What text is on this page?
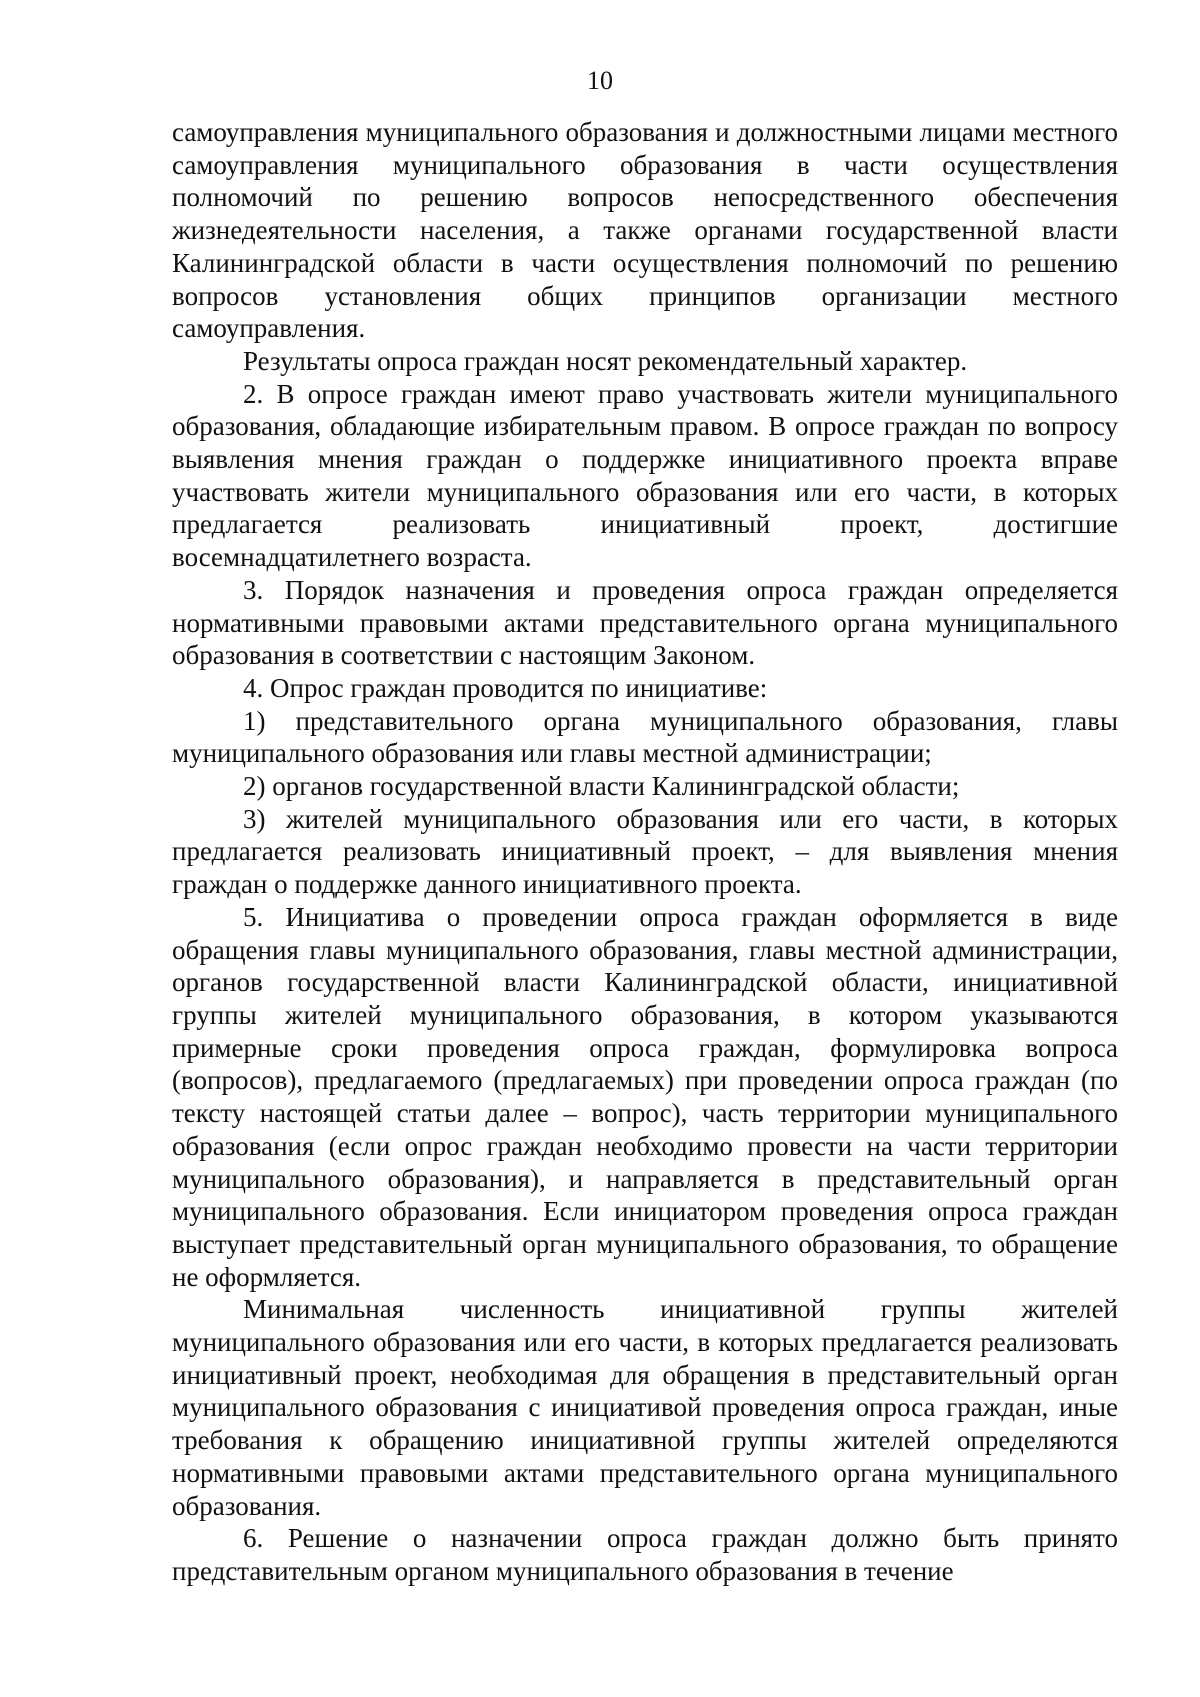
10

самоуправления муниципального образования и должностными лицами местного самоуправления муниципального образования в части осуществления полномочий по решению вопросов непосредственного обеспечения жизнедеятельности населения, а также органами государственной власти Калининградской области в части осуществления полномочий по решению вопросов установления общих принципов организации местного самоуправления.

Результаты опроса граждан носят рекомендательный характер.

2. В опросе граждан имеют право участвовать жители муниципального образования, обладающие избирательным правом. В опросе граждан по вопросу выявления мнения граждан о поддержке инициативного проекта вправе участвовать жители муниципального образования или его части, в которых предлагается реализовать инициативный проект, достигшие восемнадцатилетнего возраста.

3. Порядок назначения и проведения опроса граждан определяется нормативными правовыми актами представительного органа муниципального образования в соответствии с настоящим Законом.

4. Опрос граждан проводится по инициативе:

1) представительного органа муниципального образования, главы муниципального образования или главы местной администрации;

2) органов государственной власти Калининградской области;

3) жителей муниципального образования или его части, в которых предлагается реализовать инициативный проект, – для выявления мнения граждан о поддержке данного инициативного проекта.

5. Инициатива о проведении опроса граждан оформляется в виде обращения главы муниципального образования, главы местной администрации, органов государственной власти Калининградской области, инициативной группы жителей муниципального образования, в котором указываются примерные сроки проведения опроса граждан, формулировка вопроса (вопросов), предлагаемого (предлагаемых) при проведении опроса граждан (по тексту настоящей статьи далее – вопрос), часть территории муниципального образования (если опрос граждан необходимо провести на части территории муниципального образования), и направляется в представительный орган муниципального образования. Если инициатором проведения опроса граждан выступает представительный орган муниципального образования, то обращение не оформляется.

Минимальная численность инициативной группы жителей муниципального образования или его части, в которых предлагается реализовать инициативный проект, необходимая для обращения в представительный орган муниципального образования с инициативой проведения опроса граждан, иные требования к обращению инициативной группы жителей определяются нормативными правовыми актами представительного органа муниципального образования.

6. Решение о назначении опроса граждан должно быть принято представительным органом муниципального образования в течение
